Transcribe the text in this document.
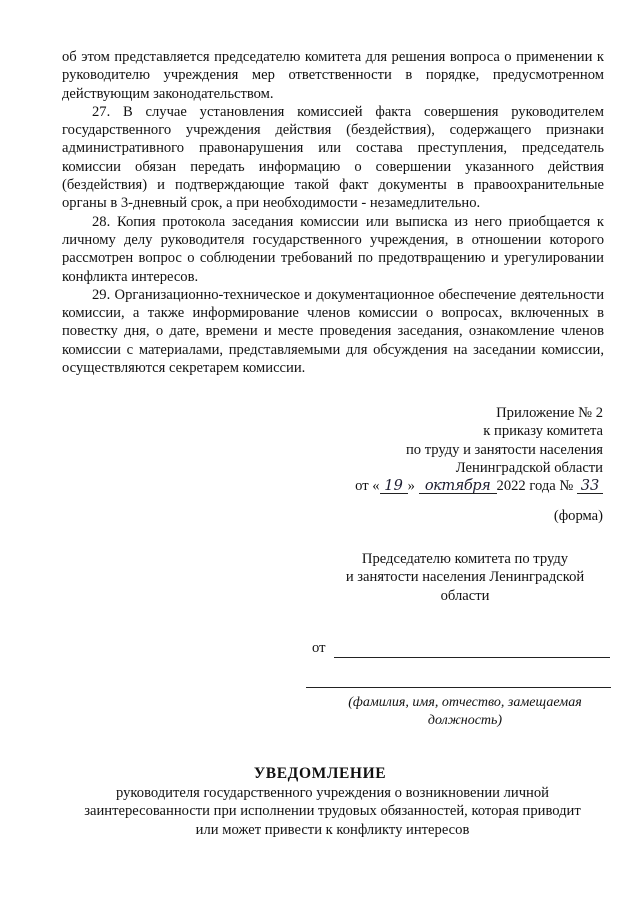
об этом представляется председателю комитета для решения вопроса о применении к руководителю учреждения мер ответственности в порядке, предусмотренном действующим законодательством.

27. В случае установления комиссией факта совершения руководителем государственного учреждения действия (бездействия), содержащего признаки административного правонарушения или состава преступления, председатель комиссии обязан передать информацию о совершении указанного действия (бездействия) и подтверждающие такой факт документы в правоохранительные органы в 3-дневный срок, а при необходимости - незамедлительно.

28. Копия протокола заседания комиссии или выписка из него приобщается к личному делу руководителя государственного учреждения, в отношении которого рассмотрен вопрос о соблюдении требований по предотвращению и урегулировании конфликта интересов.

29. Организационно-техническое и документационное обеспечение деятельности комиссии, а также информирование членов комиссии о вопросах, включенных в повестку дня, о дате, времени и месте проведения заседания, ознакомление членов комиссии с материалами, представляемыми для обсуждения на заседании комиссии, осуществляются секретарем комиссии.

Приложение № 2
к приказу комитета
по труду и занятости населения
Ленинградской области
от « 19 » октября 2022 года № 33
(форма)
Председателю комитета по труду
и занятости населения Ленинградской
области
от
(фамилия, имя, отчество, замещаемая
должность)
УВЕДОМЛЕНИЕ
руководителя государственного учреждения о возникновении личной
заинтересованности при исполнении трудовых обязанностей, которая приводит
или может привести к конфликту интересов
